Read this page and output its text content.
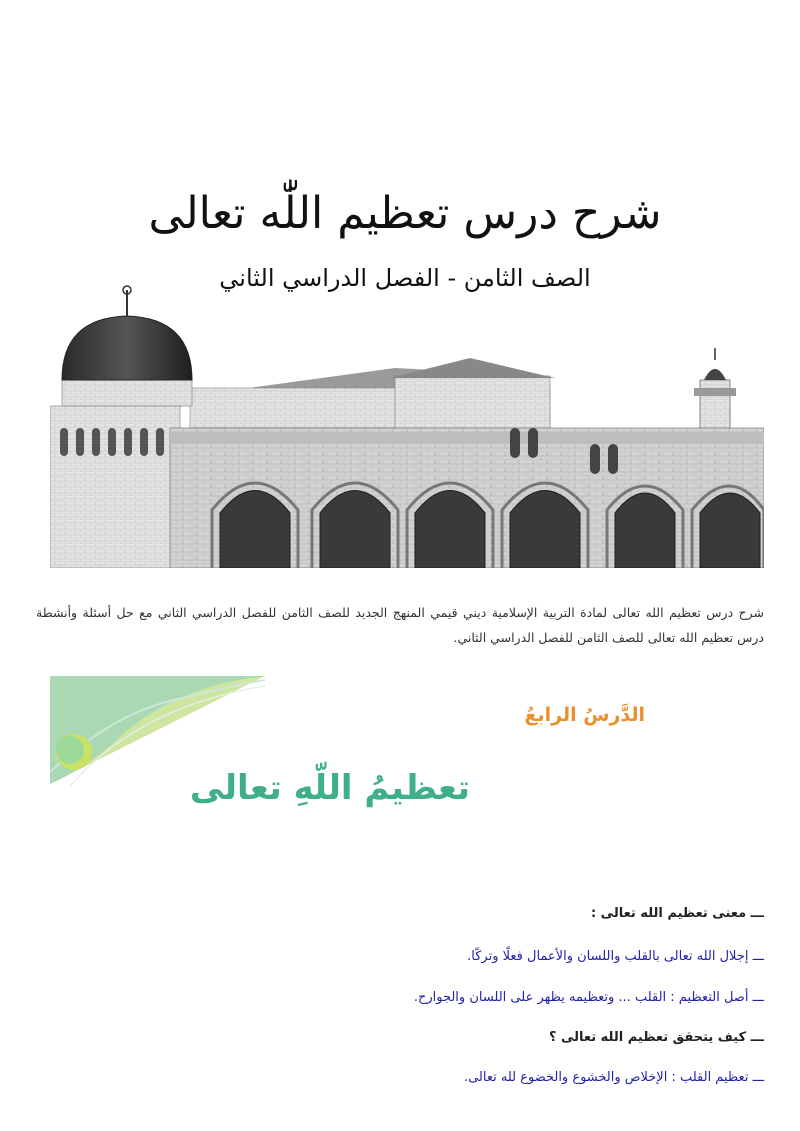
شرح درس تعظيم اللّٰه تعالى
الصف الثامن - الفصل الدراسي الثاني

شرح درس تعظيم الله تعالى لمادة التربية الإسلامية ديني قيمي المنهج الجديد للصف الثامن للفصل الدراسي الثاني مع حل أسئلة وأنشطة درس تعظيم الله تعالى للصف الثامن للفصل الدراسي الثاني.

الدَّرسُ الرابعُ
تعظيمُ اللّهِ تعالى

ـــ معنى تعظيم الله تعالى :

ـــ إجلال الله تعالى بالقلب واللسان والأعمال فعلًا وتركًا.

ـــ أصل التعظيم : القلب ... وتعظيمه يظهر على اللسان والجوارح.

ـــ كيف يتحقق تعظيم الله تعالى ؟

ـــ تعظيم القلب : الإخلاص والخشوع والخضوع لله تعالى.
